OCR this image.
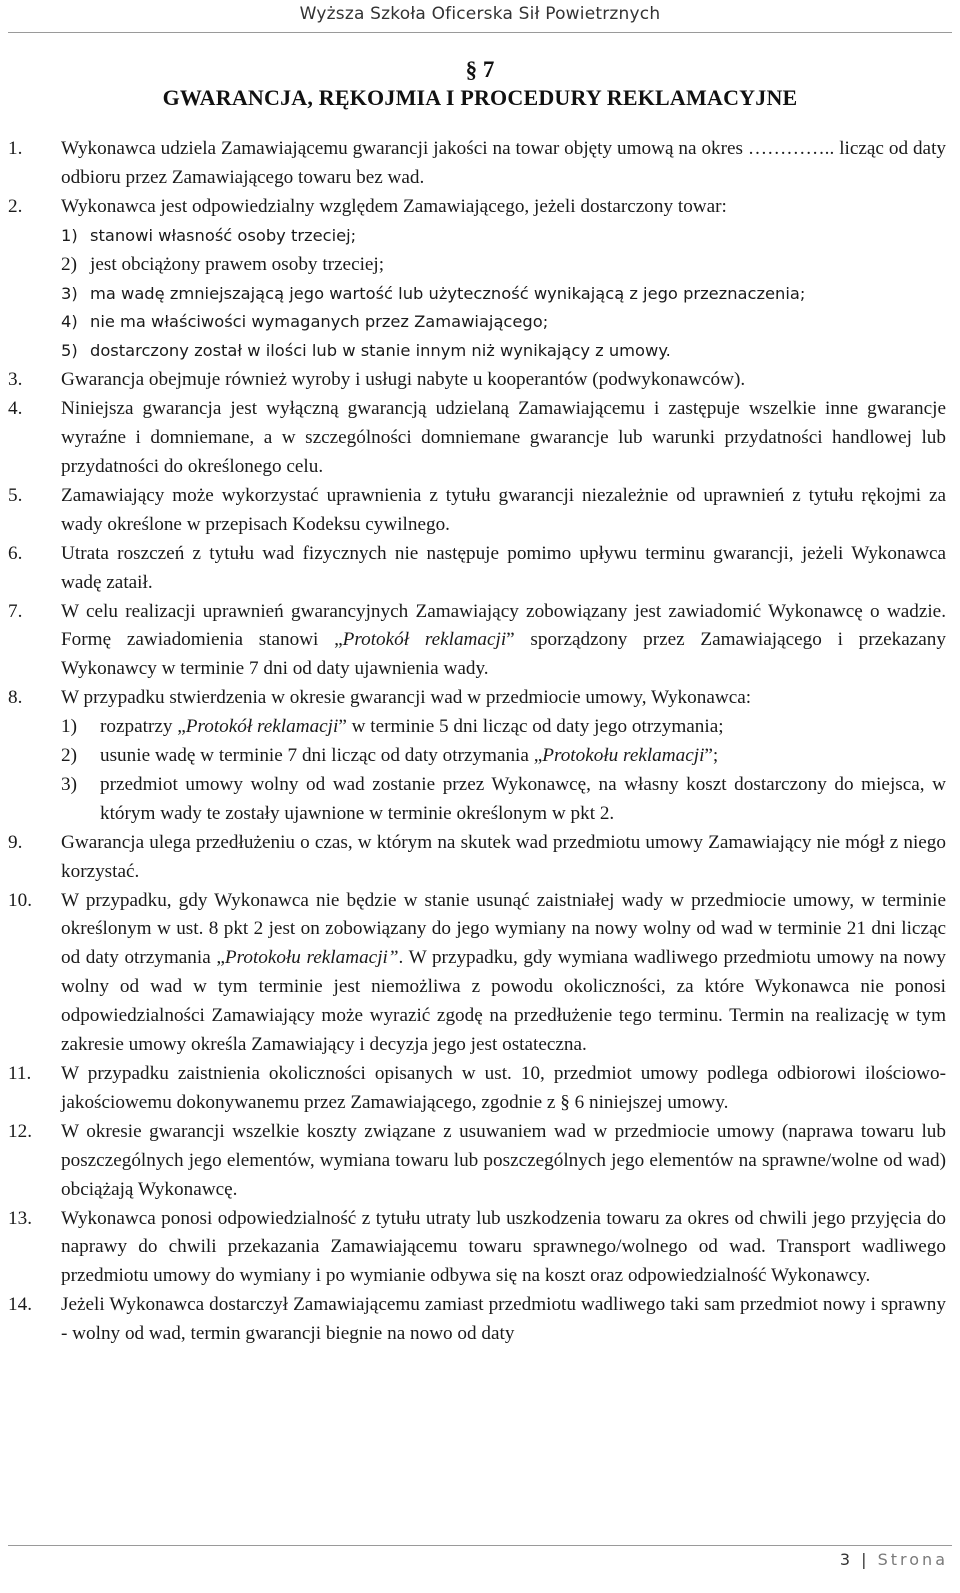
Wyższa Szkoła Oficerska Sił Powietrznych
§ 7
GWARANCJA, RĘKOJMIA I PROCEDURY REKLAMACYJNE
1. Wykonawca udziela Zamawiającemu gwarancji jakości na towar objęty umową na okres ………….. licząc od daty odbioru przez Zamawiającego towaru bez wad.
2. Wykonawca jest odpowiedzialny względem Zamawiającego, jeżeli dostarczony towar:
1) stanowi własność osoby trzeciej;
2) jest obciążony prawem osoby trzeciej;
3) ma wadę zmniejszającą jego wartość lub użyteczność wynikającą z jego przeznaczenia;
4) nie ma właściwości wymaganych przez Zamawiającego;
5) dostarczony został w ilości lub w stanie innym niż wynikający z umowy.
3. Gwarancja obejmuje również wyroby i usługi nabyte u kooperantów (podwykonawców).
4. Niniejsza gwarancja jest wyłączną gwarancją udzielaną Zamawiającemu i zastępuje wszelkie inne gwarancje wyraźne i domniemane, a w szczególności domniemane gwarancje lub warunki przydatności handlowej lub przydatności do określonego celu.
5. Zamawiający może wykorzystać uprawnienia z tytułu gwarancji niezależnie od uprawnień z tytułu rękojmi za wady określone w przepisach Kodeksu cywilnego.
6. Utrata roszczeń z tytułu wad fizycznych nie następuje pomimo upływu terminu gwarancji, jeżeli Wykonawca wadę zataił.
7. W celu realizacji uprawnień gwarancyjnych Zamawiający zobowiązany jest zawiadomić Wykonawcę o wadzie. Formę zawiadomienia stanowi „Protokół reklamacji” sporządzony przez Zamawiającego i przekazany Wykonawcy w terminie 7 dni od daty ujawnienia wady.
8. W przypadku stwierdzenia w okresie gwarancji wad w przedmiocie umowy, Wykonawca:
1) rozpatrzy „Protokół reklamacji” w terminie 5 dni licząc od daty jego otrzymania;
2) usunie wadę w terminie 7 dni licząc od daty otrzymania „Protokołu reklamacji”;
3) przedmiot umowy wolny od wad zostanie przez Wykonawcę, na własny koszt dostarczony do miejsca, w którym wady te zostały ujawnione w terminie określonym w pkt 2.
9. Gwarancja ulega przedłużeniu o czas, w którym na skutek wad przedmiotu umowy Zamawiający nie mógł z niego korzystać.
10. W przypadku, gdy Wykonawca nie będzie w stanie usunąć zaistniałej wady w przedmiocie umowy, w terminie określonym w ust. 8 pkt 2 jest on zobowiązany do jego wymiany na nowy wolny od wad w terminie 21 dni licząc od daty otrzymania „Protokołu reklamacji”. W przypadku, gdy wymiana wadliwego przedmiotu umowy na nowy wolny od wad w tym terminie jest niemożliwa z powodu okoliczności, za które Wykonawca nie ponosi odpowiedzialności Zamawiający może wyrazić zgodę na przedłużenie tego terminu. Termin na realizację w tym zakresie umowy określa Zamawiający i decyzja jego jest ostateczna.
11. W przypadku zaistnienia okoliczności opisanych w ust. 10, przedmiot umowy podlega odbiorowi ilościowo-jakościowemu dokonywanemu przez Zamawiającego, zgodnie z § 6 niniejszej umowy.
12. W okresie gwarancji wszelkie koszty związane z usuwaniem wad w przedmiocie umowy (naprawa towaru lub poszczególnych jego elementów, wymiana towaru lub poszczególnych jego elementów na sprawne/wolne od wad) obciążają Wykonawcę.
13. Wykonawca ponosi odpowiedzialność z tytułu utraty lub uszkodzenia towaru za okres od chwili jego przyjęcia do naprawy do chwili przekazania Zamawiającemu towaru sprawnego/wolnego od wad. Transport wadliwego przedmiotu umowy do wymiany i po wymianie odbywa się na koszt oraz odpowiedzialność Wykonawcy.
14. Jeżeli Wykonawca dostarczył Zamawiającemu zamiast przedmiotu wadliwego taki sam przedmiot nowy i sprawny - wolny od wad, termin gwarancji biegnie na nowo od daty
3 | Strona
